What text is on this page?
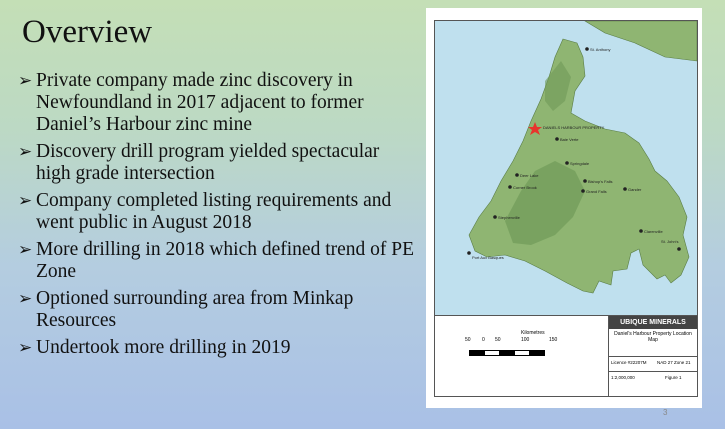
Overview
➢ Private company made zinc discovery in Newfoundland in 2017 adjacent to former Daniel’s Harbour zinc mine
➢ Discovery drill program yielded spectacular high grade intersection
➢ Company completed listing requirements and went public in August 2018
➢ More drilling in 2018 which defined trend of PE Zone
➢ Optioned surrounding area from Minkap Resources
➢ Undertook more drilling in 2019
DANIELS HARBOUR PROPERTY
St. Anthony
Baie Verte
Deer Lake
Corner Brook
Springdale
Bishop's Falls
Grand Falls	Gander
Stephenville
Clarenville
St. John's
Port Aux Basques
50 0 50	100	150
Kilometres
UBIQUE MINERALS
Daniel's Harbour Property Location Map
Licence #22207M NAD 27 Zone 21
1:2,000,000	Figure 1
3
